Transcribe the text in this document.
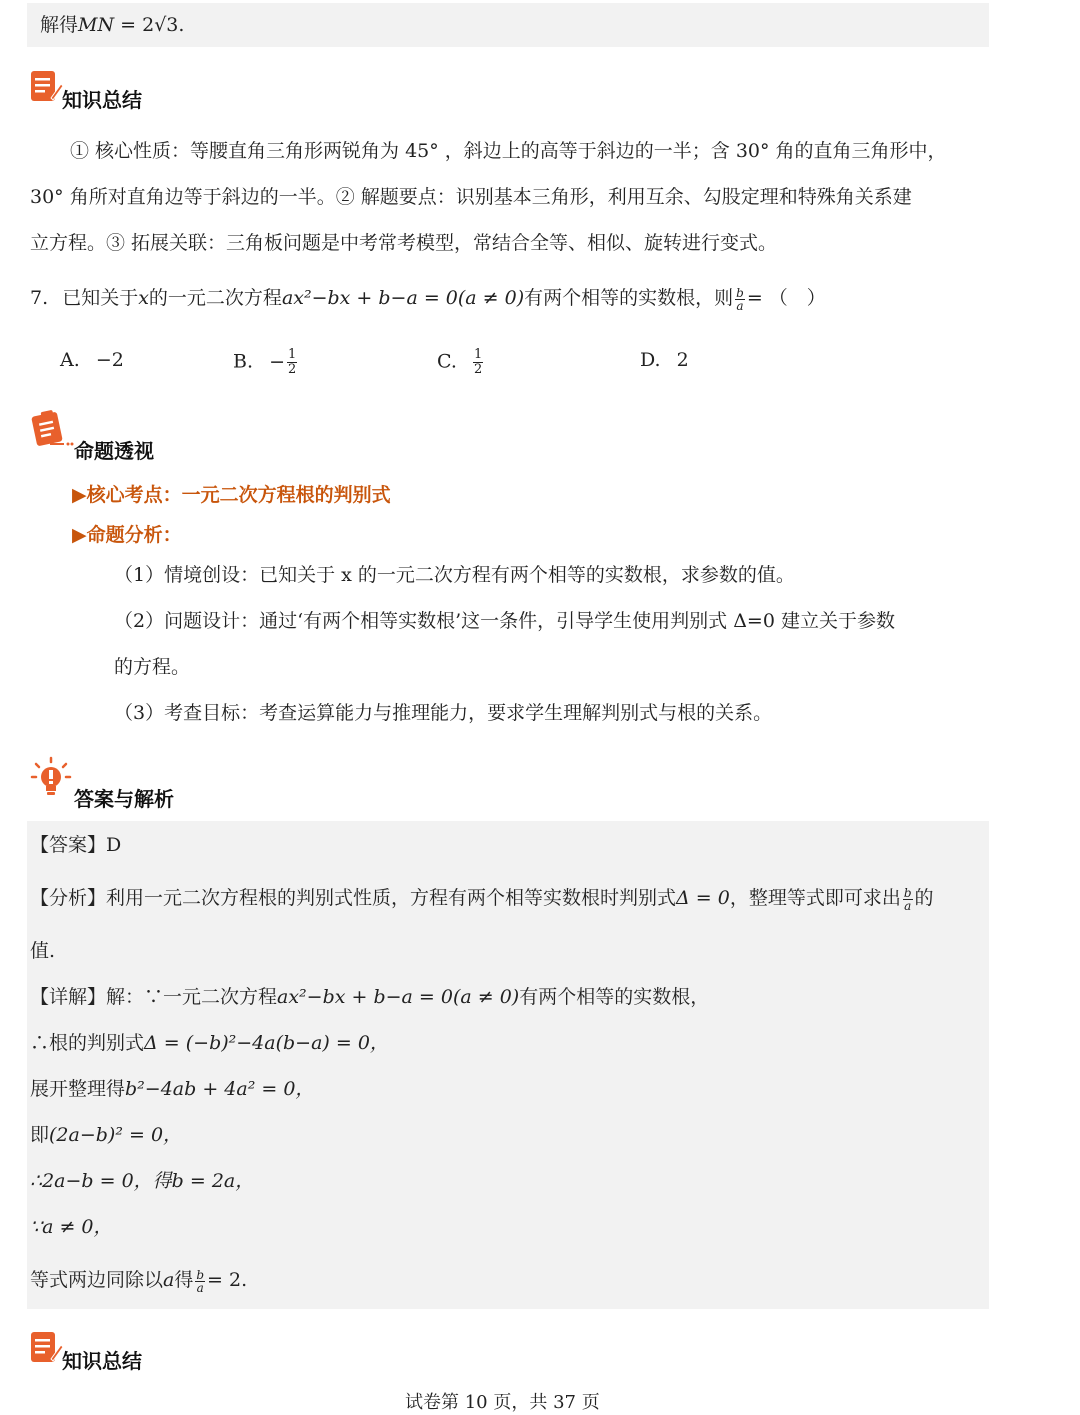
解得MN = 2√3.
知识总结
① 核心性质：等腰直角三角形两锐角为 45° ，斜边上的高等于斜边的一半；含 30° 角的直角三角形中，
30° 角所对直角边等于斜边的一半。② 解题要点：识别基本三角形，利用互余、勾股定理和特殊角关系建
立方程。③ 拓展关联：三角板问题是中考常考模型，常结合全等、相似、旋转进行变式。
7. 已知关于x的一元二次方程ax²−bx + b−a = 0(a ≠ 0)有两个相等的实数根，则 $\frac{b}{a}$ = （　）
A. −2	B. − $\frac{1}{2}$	C. $\frac{1}{2}$	D. 2
命题透视
▶核心考点：一元二次方程根的判别式
▶命题分析：
（1）情境创设：已知关于 x 的一元二次方程有两个相等的实数根，求参数的值。
（2）问题设计：通过‘有两个相等实数根’这一条件，引导学生使用判别式 Δ=0 建立关于参数
的方程。
（3）考查目标：考查运算能力与推理能力，要求学生理解判别式与根的关系。
答案与解析
【答案】D
【分析】利用一元二次方程根的判别式性质，方程有两个相等实数根时判别式Δ = 0，整理等式即可求出 $\frac{b}{a}$ 的
值.
【详解】解：∵一元二次方程ax²−bx + b−a = 0(a ≠ 0)有两个相等的实数根，
∴根的判别式Δ = (−b)²−4a(b−a) = 0，
展开整理得b²−4ab + 4a² = 0，
即(2a−b)² = 0，
∴2a−b = 0，得b = 2a，
∵a ≠ 0，
等式两边同除以a得 $\frac{b}{a} = 2$.
知识总结
试卷第 10 页，共 37 页
